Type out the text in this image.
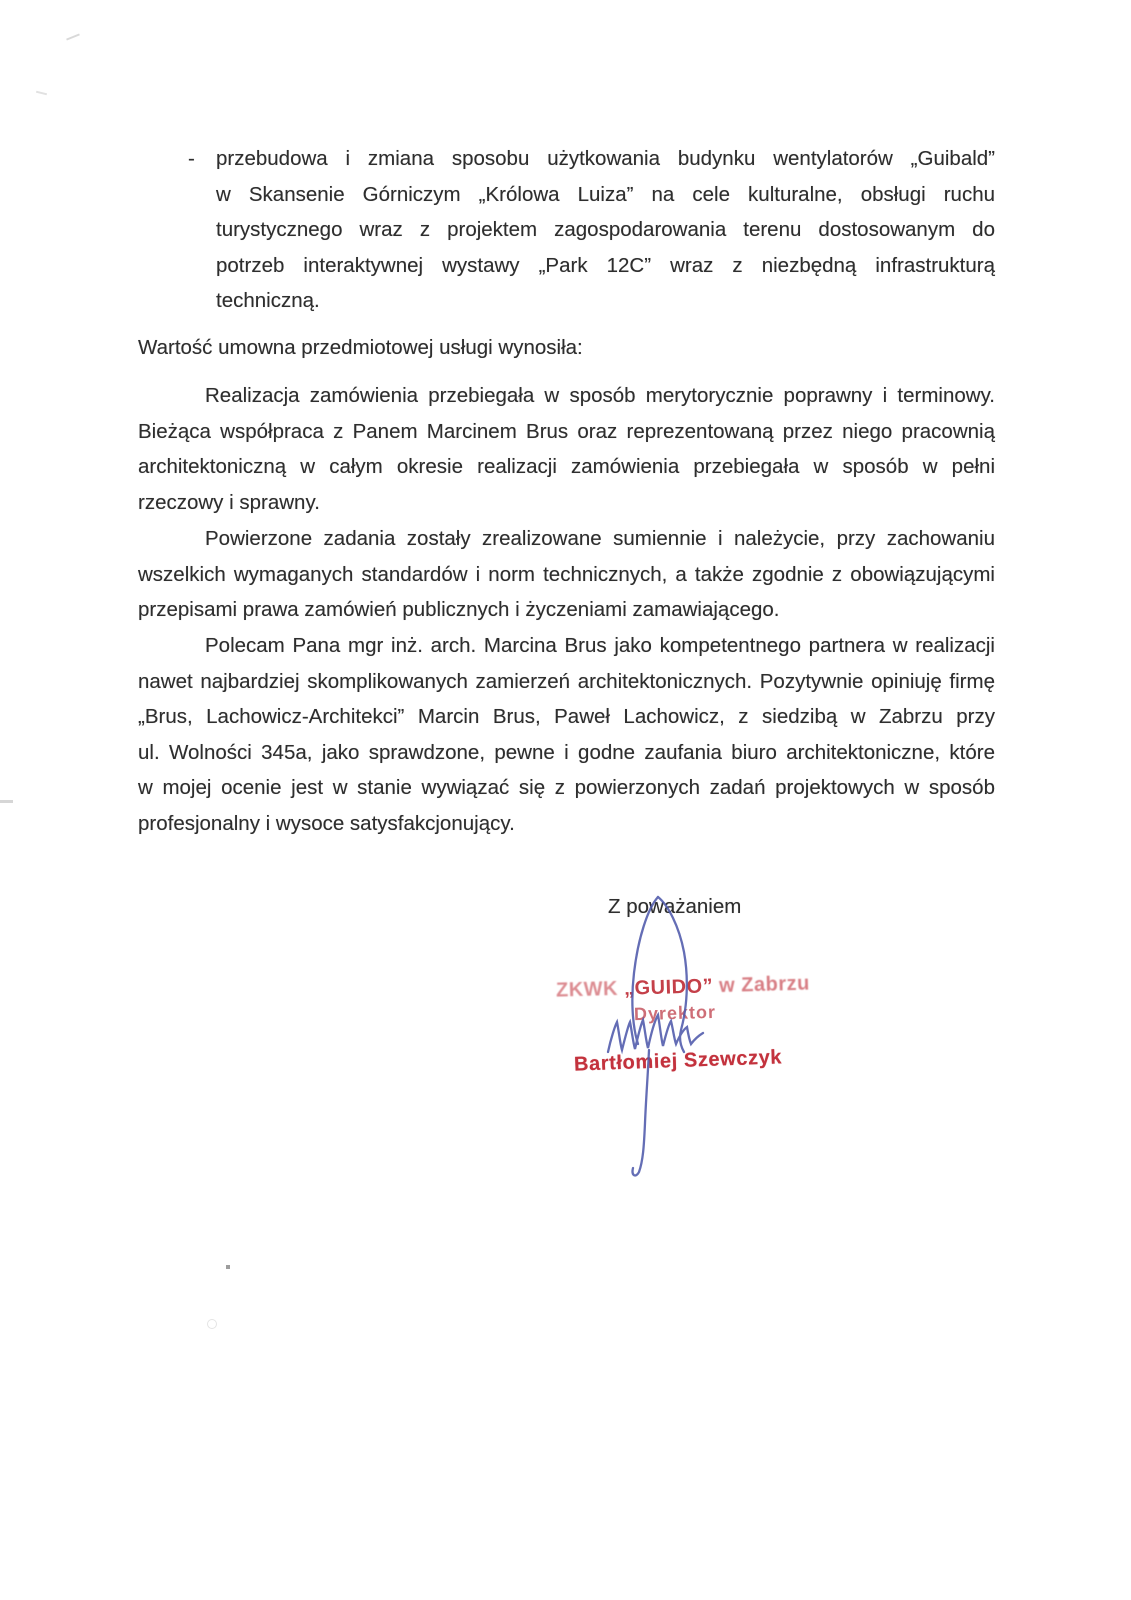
- przebudowa i zmiana sposobu użytkowania budynku wentylatorów „Guibald”
w Skansenie Górniczym „Królowa Luiza” na cele kulturalne, obsługi ruchu
turystycznego wraz z projektem zagospodarowania terenu dostosowanym do
potrzeb interaktywnej wystawy „Park 12C” wraz z niezbędną infrastrukturą
techniczną.
Wartość umowna przedmiotowej usługi wynosiła:
Realizacja zamówienia przebiegała w sposób merytorycznie poprawny i terminowy.
Bieżąca współpraca z Panem Marcinem Brus oraz reprezentowaną przez niego pracownią
architektoniczną w całym okresie realizacji zamówienia przebiegała w sposób w pełni
rzeczowy i sprawny.
Powierzone zadania zostały zrealizowane sumiennie i należycie, przy zachowaniu
wszelkich wymaganych standardów i norm technicznych, a także zgodnie z obowiązującymi
przepisami prawa zamówień publicznych i życzeniami zamawiającego.
Polecam Pana mgr inż. arch. Marcina Brus jako kompetentnego partnera w realizacji
nawet najbardziej skomplikowanych zamierzeń architektonicznych. Pozytywnie opiniuję firmę
„Brus, Lachowicz-Architekci” Marcin Brus, Paweł Lachowicz, z siedzibą w Zabrzu przy
ul. Wolności 345a, jako sprawdzone, pewne i godne zaufania biuro architektoniczne, które
w mojej ocenie jest w stanie wywiązać się z powierzonych zadań projektowych w sposób
profesjonalny i wysoce satysfakcjonujący.
Z poważaniem
ZKWK „GUIDO” w Zabrzu
Dyrektor
Bartłomiej Szewczyk
